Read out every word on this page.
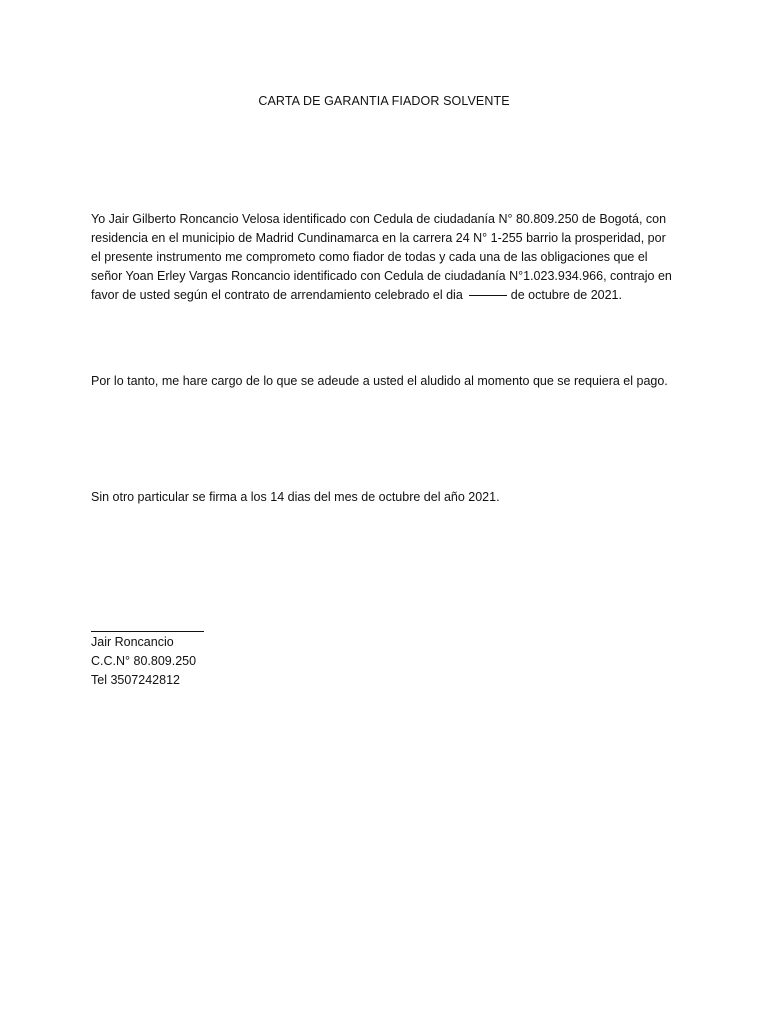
CARTA DE GARANTIA FIADOR SOLVENTE
Yo Jair Gilberto Roncancio Velosa identificado con Cedula de ciudadanía N° 80.809.250 de Bogotá, con
residencia en el municipio de Madrid Cundinamarca en la carrera 24 N° 1-255 barrio la prosperidad, por
el presente instrumento me comprometo como fiador de todas y cada una de las obligaciones que el
señor Yoan Erley Vargas Roncancio identificado con Cedula de ciudadanía N°1.023.934.966, contrajo en
favor de usted según el contrato de arrendamiento celebrado el dia	de octubre de 2021.
Por lo tanto, me hare cargo de lo que se adeude a usted el aludido al momento que se requiera el pago.
Sin otro particular se firma a los 14 dias del mes de octubre del año 2021.
Jair Roncancio
C.C.N° 80.809.250
Tel 3507242812
